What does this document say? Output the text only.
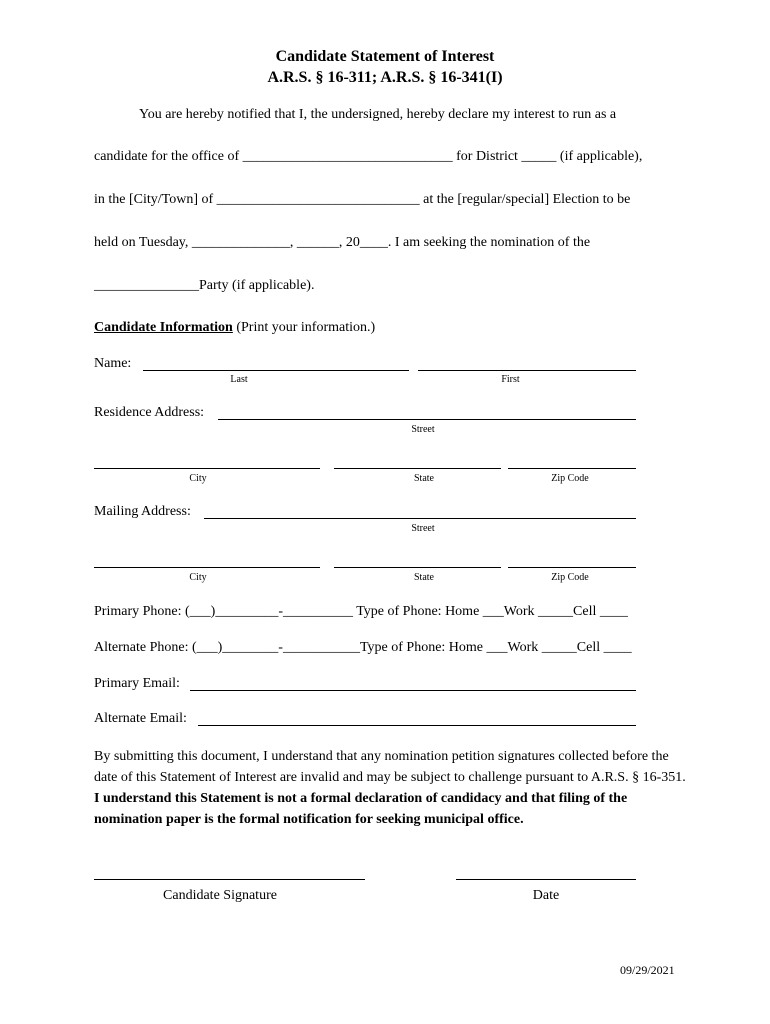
Candidate Statement of Interest
A.R.S. § 16-311; A.R.S. § 16-341(I)
You are hereby notified that I, the undersigned, hereby declare my interest to run as a
candidate for the office of ______________________________ for District _____ (if applicable),
in the [City/Town] of _____________________________ at the [regular/special] Election to be
held on Tuesday, ______________, ______, 20____. I am seeking the nomination of the
_______________Party (if applicable).
Candidate Information (Print your information.)
Name:
Last	First
Residence Address:
Street
City	State	Zip Code
Mailing Address:
Street
City	State	Zip Code
Primary Phone: (___)_________-__________ Type of Phone: Home ___Work _____Cell ____
Alternate Phone: (___)________-___________Type of Phone: Home ___Work _____Cell ____
Primary Email:
Alternate Email:
By submitting this document, I understand that any nomination petition signatures collected before the date of this Statement of Interest are invalid and may be subject to challenge pursuant to A.R.S. § 16-351. I understand this Statement is not a formal declaration of candidacy and that filing of the nomination paper is the formal notification for seeking municipal office.
Candidate Signature	Date
09/29/2021
